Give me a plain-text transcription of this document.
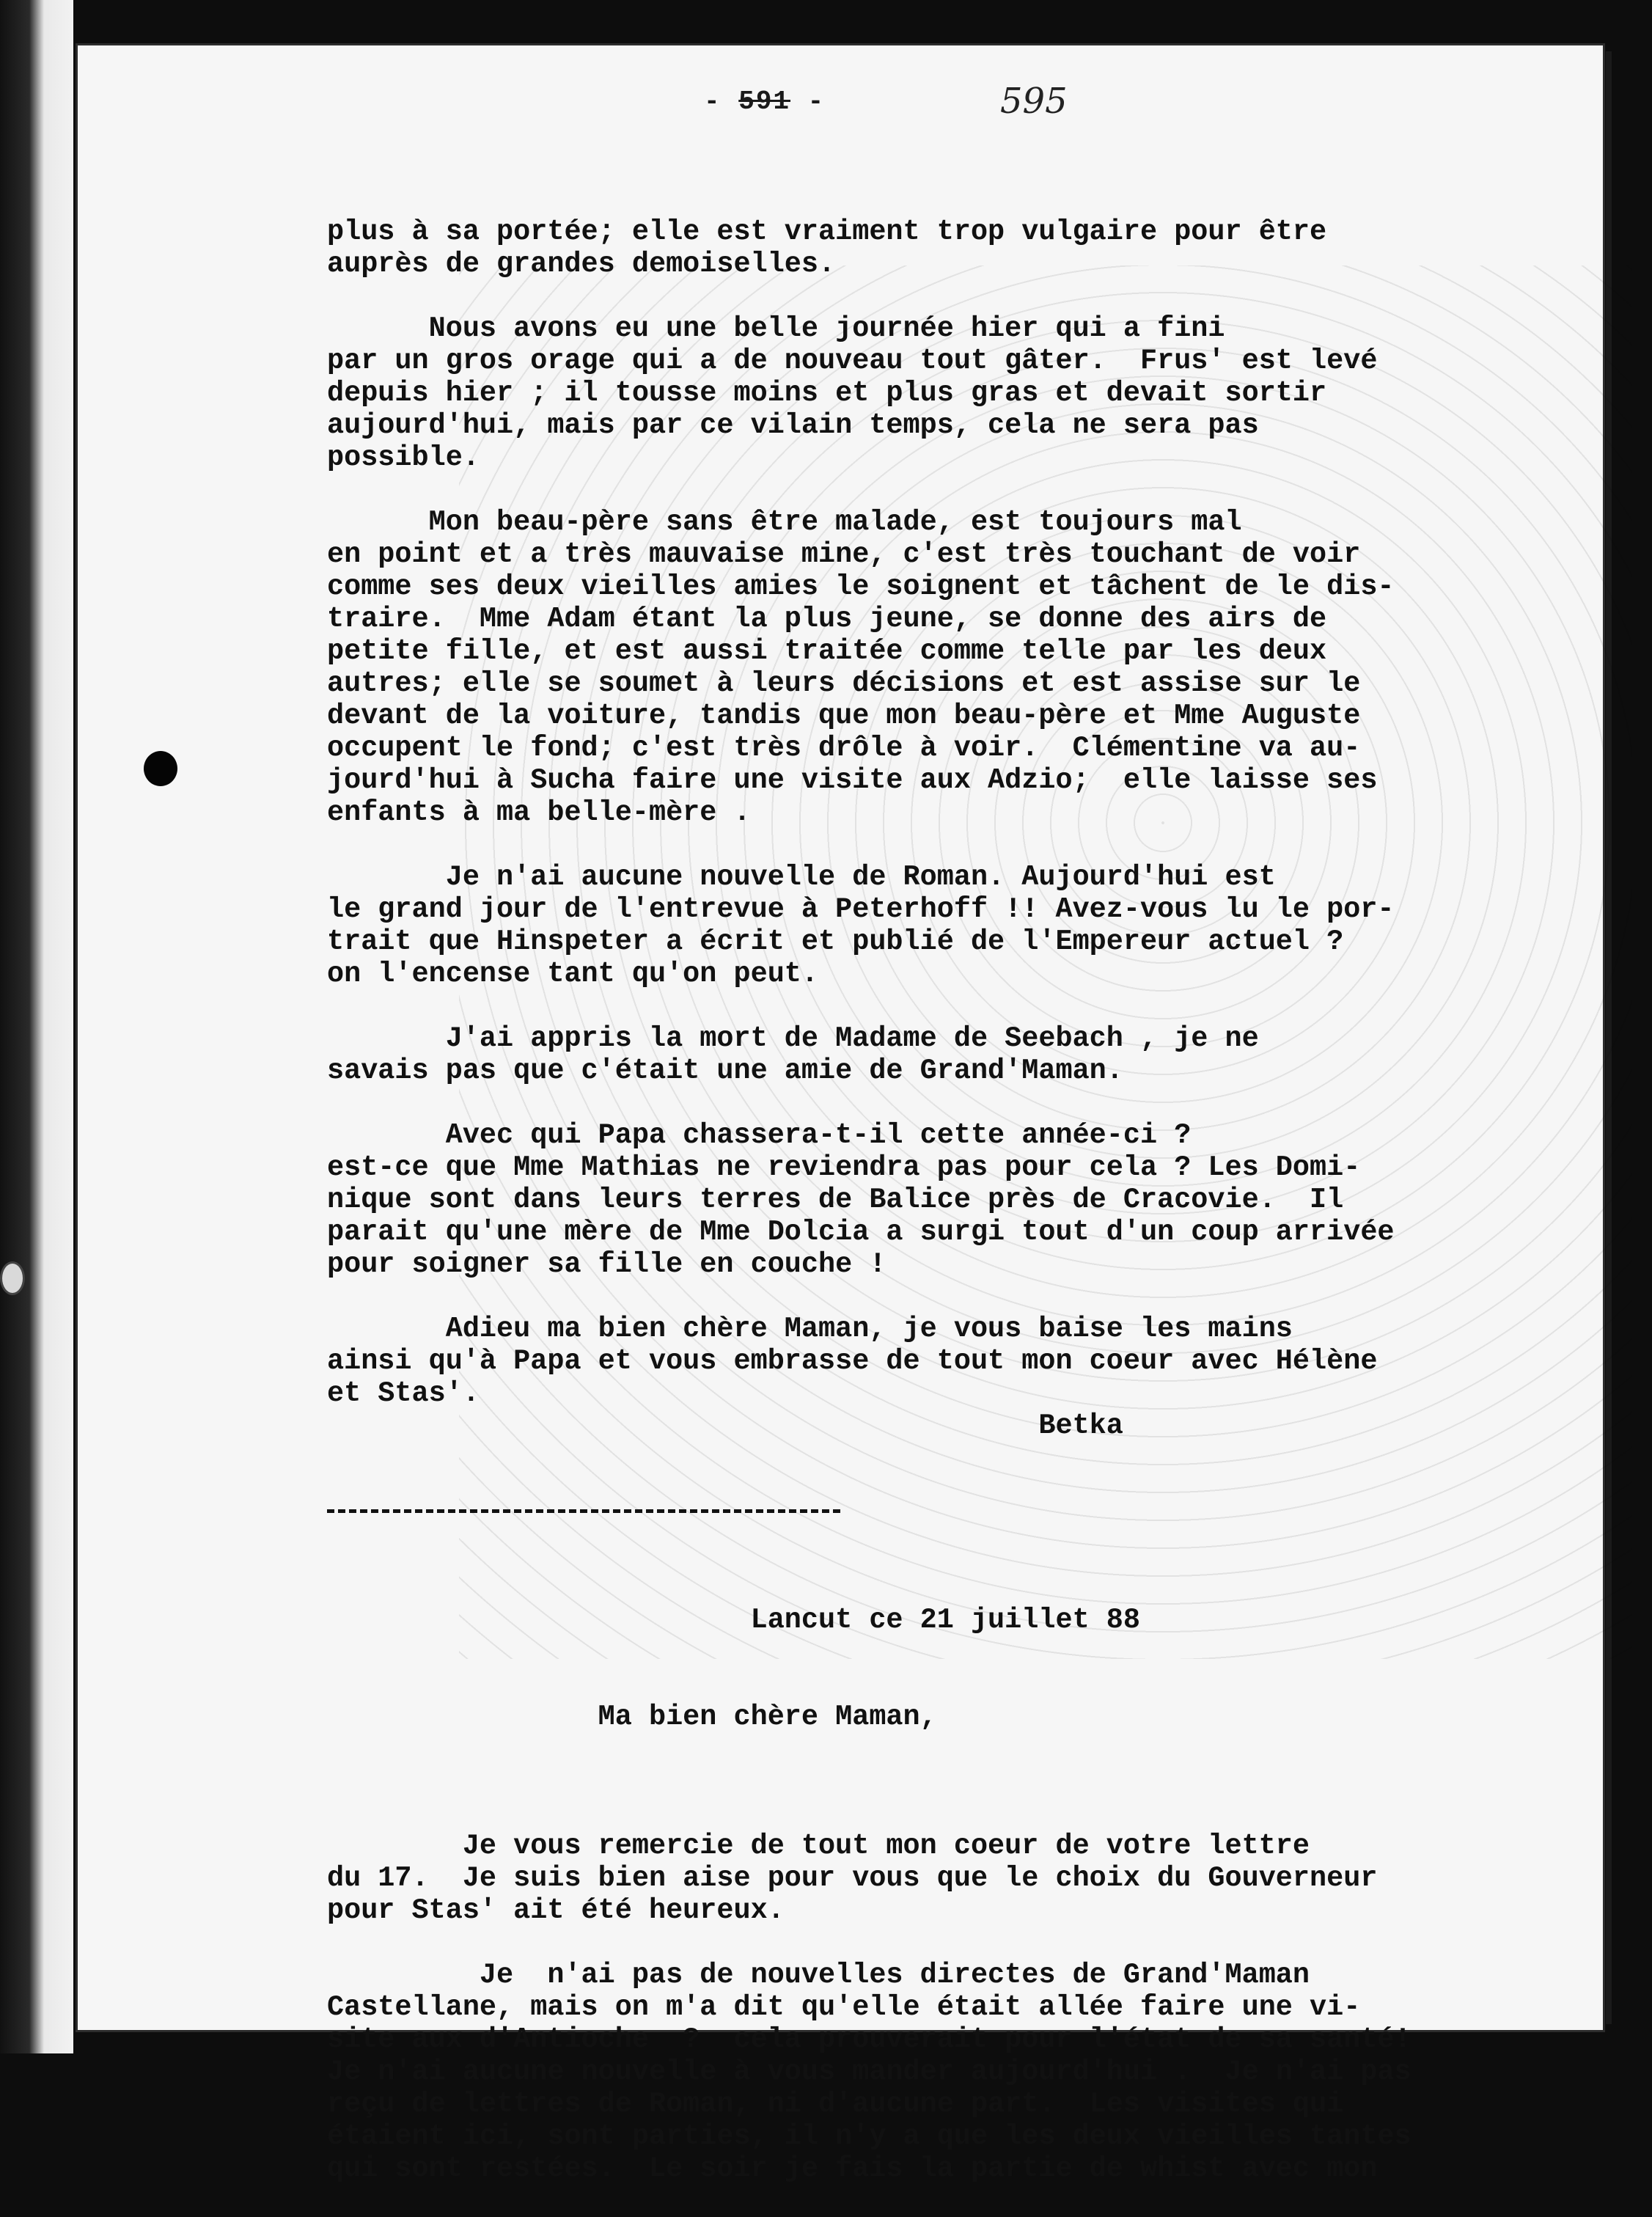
- 591 -	595

plus à sa portée; elle est vraiment trop vulgaire pour être
auprès de grandes demoiselles.
Nous avons eu une belle journée hier qui a fini
par un gros orage qui a de nouveau tout gâter.  Frus' est levé
depuis hier ; il tousse moins et plus gras et devait sortir
aujourd'hui, mais par ce vilain temps, cela ne sera pas
possible.
Mon beau-père sans être malade, est toujours mal
en point et a très mauvaise mine, c'est très touchant de voir
comme ses deux vieilles amies le soignent et tâchent de le dis-
traire.  Mme Adam étant la plus jeune, se donne des airs de
petite fille, et est aussi traitée comme telle par les deux
autres; elle se soumet à leurs décisions et est assise sur le
devant de la voiture, tandis que mon beau-père et Mme Auguste
occupent le fond; c'est très drôle à voir.  Clémentine va au-
jourd'hui à Sucha faire une visite aux Adzio;  elle laisse ses
enfants à ma belle-mère .
Je n'ai aucune nouvelle de Roman. Aujourd'hui est
le grand jour de l'entrevue à Peterhoff !! Avez-vous lu le por-
trait que Hinspeter a écrit et publié de l'Empereur actuel ?
on l'encense tant qu'on peut.
J'ai appris la mort de Madame de Seebach , je ne
savais pas que c'était une amie de Grand'Maman.
Avec qui Papa chassera-t-il cette année-ci ?
est-ce que Mme Mathias ne reviendra pas pour cela ? Les Domi-
nique sont dans leurs terres de Balice près de Cracovie.  Il
parait qu'une mère de Mme Dolcia a surgi tout d'un coup arrivée
pour soigner sa fille en couche !
Adieu ma bien chère Maman, je vous baise les mains
ainsi qu'à Papa et vous embrasse de tout mon coeur avec Hélène
et Stas'.
Betka

Lancut ce 21 juillet 88

Ma bien chère Maman,

Je vous remercie de tout mon coeur de votre lettre
du 17.  Je suis bien aise pour vous que le choix du Gouverneur
pour Stas' ait été heureux.
Je  n'ai pas de nouvelles directes de Grand'Maman
Castellane, mais on m'a dit qu'elle était allée faire une vi-
site aux d'Antioche  ?  cela prouverait pour l'état de sa santé!
Je n'ai aucune nouvelle à vous mander aujourd'hui .  Je n'ai pas
reçu de lettres de Roman, ni d'aucune part.  Les visites qui
étaient ici, sont parties, il n'y a que les deux vieilles tantes
qui sont restées.  Le soir je fais la partie de whist avec mon
